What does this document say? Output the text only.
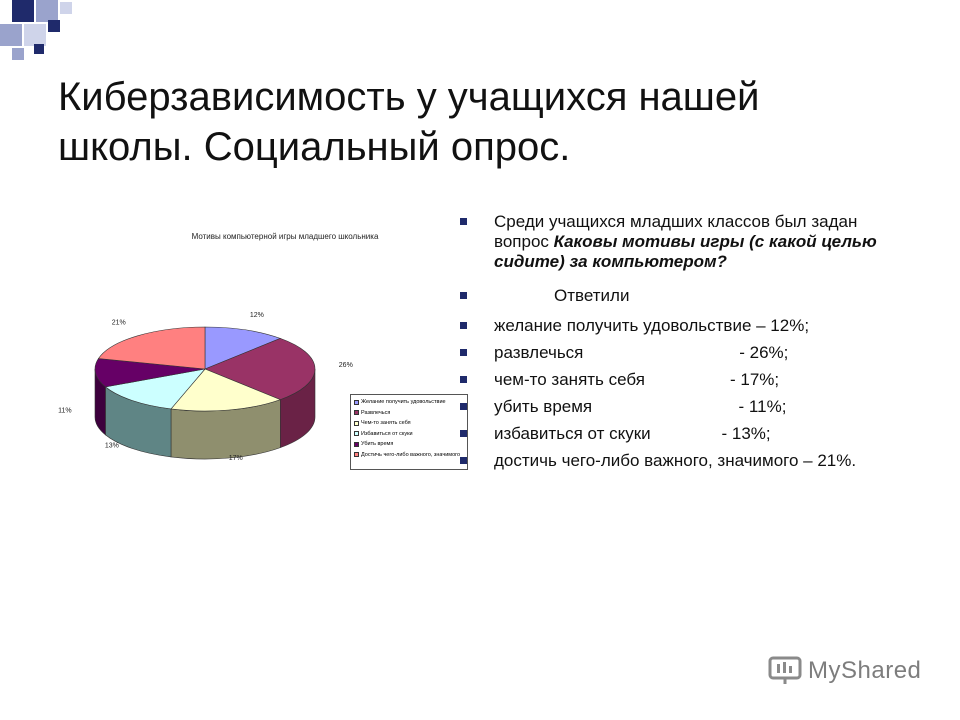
Киберзависимость у учащихся нашей
школы. Социальный опрос.
Мотивы компьютерной игры младшего школьника
12%
26%
17%
13%
11%
21%
Желание получить удовольствие
Развлечься
Чем-то занять себя
Избавиться от скуки
Убить время
Достичь чего-либо важного, значимого
Среди учащихся младших классов был задан вопрос Каковы мотивы игры (с какой целью сидите) за компьютером?
Ответили
желание получить удовольствие – 12%;
развлечься                                 - 26%;
чем-то занять себя                  - 17%;
убить время                               - 11%;
избавиться от скуки               - 13%;
достичь чего-либо важного, значимого – 21%.
MyShared
